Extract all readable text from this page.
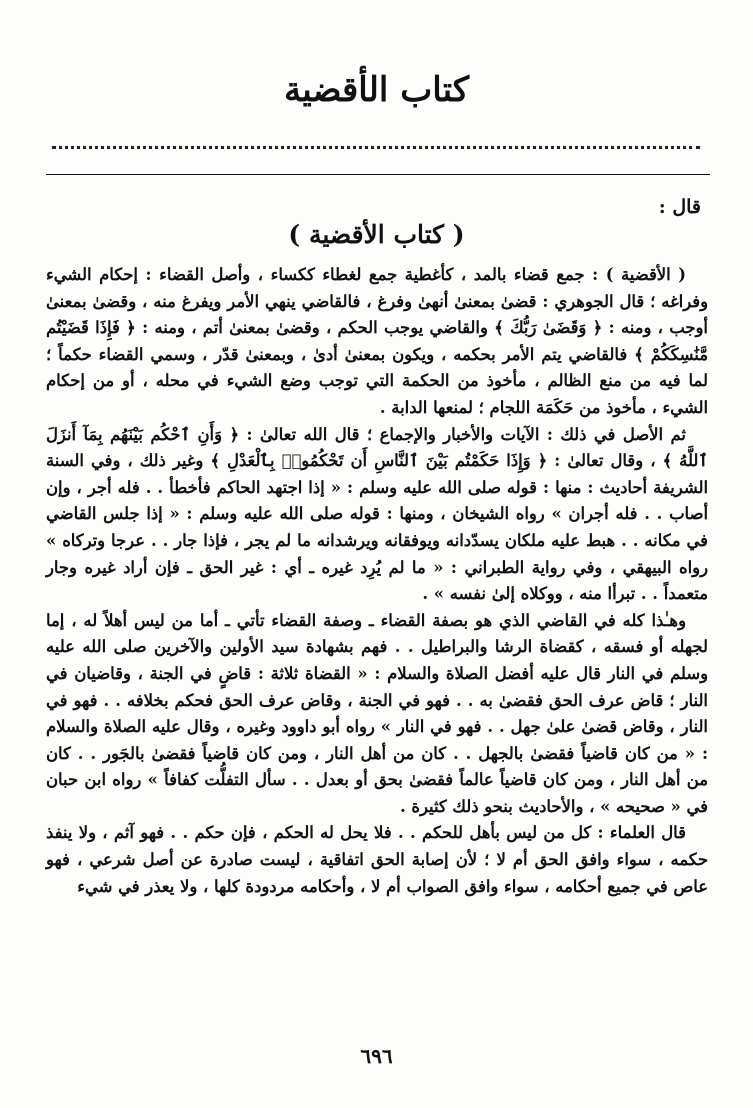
كتاب الأقضية
قال :
( كتاب الأقضية )

( الأقضية ) : جمع قضاء بالمد ، كأغطية جمع لغطاء ككساء ، وأصل القضاء : إحكام الشيء وفراغه ؛ قال الجوهري : قضىٰ بمعنىٰ أنهىٰ وفرغ ، فالقاضي ينهي الأمر ويفرغ منه ، وقضىٰ بمعنىٰ أوجب ، ومنه : ﴿ وَقَضَىٰ رَبُّكَ ﴾ والقاضي يوجب الحكم ، وقضىٰ بمعنىٰ أتم ، ومنه : ﴿ فَإِذَا قَضَيْتُم مَّنَٰسِكَكُمْ ﴾ فالقاضي يتم الأمر بحكمه ، ويكون بمعنىٰ أدىٰ ، وبمعنىٰ قدّر ، وسمي القضاء حكماً ؛ لما فيه من منع الظالم ، مأخوذ من الحكمة التي توجب وضع الشيء في محله ، أو من إحكام الشيء ، مأخوذ من حَكَمَة اللجام ؛ لمنعها الدابة .

ثم الأصل في ذلك : الآيات والأخبار والإجماع ؛ قال الله تعالىٰ : ﴿ وَأَنِ ٱحْكُم بَيْنَهُم بِمَآ أَنزَلَ ٱللَّهُ ﴾ ، وقال تعالىٰ : ﴿ وَإِذَا حَكَمْتُم بَيْنَ ٱلنَّاسِ أَن تَحْكُمُوا۟ بِٱلْعَدْلِ ﴾ وغير ذلك ، وفي السنة الشريفة أحاديث : منها : قوله صلى الله عليه وسلم : « إذا اجتهد الحاكم فأخطأ . . فله أجر ، وإن أصاب . . فله أجران » رواه الشيخان ، ومنها : قوله صلى الله عليه وسلم : « إذا جلس القاضي في مكانه . . هبط عليه ملكان يسدّدانه ويوفقانه ويرشدانه ما لم يجر ، فإذا جار . . عرجا وتركاه » رواه البيهقي ، وفي رواية الطبراني : « ما لم يُرِد غيره ـ أي : غير الحق ـ فإن أراد غيره وجار متعمداً . . تبرأا منه ، ووكلاه إلىٰ نفسه » .

وهـٰذا كله في القاضي الذي هو بصفة القضاء ـ وصفة القضاء تأتي ـ أما من ليس أهلاً له ، إما لجهله أو فسقه ، كقضاة الرشا والبراطيل . . فهم بشهادة سيد الأولين والآخرين صلى الله عليه وسلم في النار قال عليه أفضل الصلاة والسلام : « القضاة ثلاثة : قاضٍ في الجنة ، وقاضيان في النار ؛ قاض عرف الحق فقضىٰ به . . فهو في الجنة ، وقاض عرف الحق فحكم بخلافه . . فهو في النار ، وقاض قضىٰ علىٰ جهل . . فهو في النار » رواه أبو داوود وغيره ، وقال عليه الصلاة والسلام : « من كان قاضياً فقضىٰ بالجهل . . كان من أهل النار ، ومن كان قاضياً فقضىٰ بالجَور . . كان من أهل النار ، ومن كان قاضياً عالماً فقضىٰ بحق أو بعدل . . سأل التفلُّت كفافاً » رواه ابن حبان في « صحيحه » ، والأحاديث بنحو ذلك كثيرة .

قال العلماء : كل من ليس بأهل للحكم . . فلا يحل له الحكم ، فإن حكم . . فهو آثم ، ولا ينفذ حكمه ، سواء وافق الحق أم لا ؛ لأن إصابة الحق اتفاقية ، ليست صادرة عن أصل شرعي ، فهو عاص في جميع أحكامه ، سواء وافق الصواب أم لا ، وأحكامه مردودة كلها ، ولا يعذر في شيء

٦٩٦
